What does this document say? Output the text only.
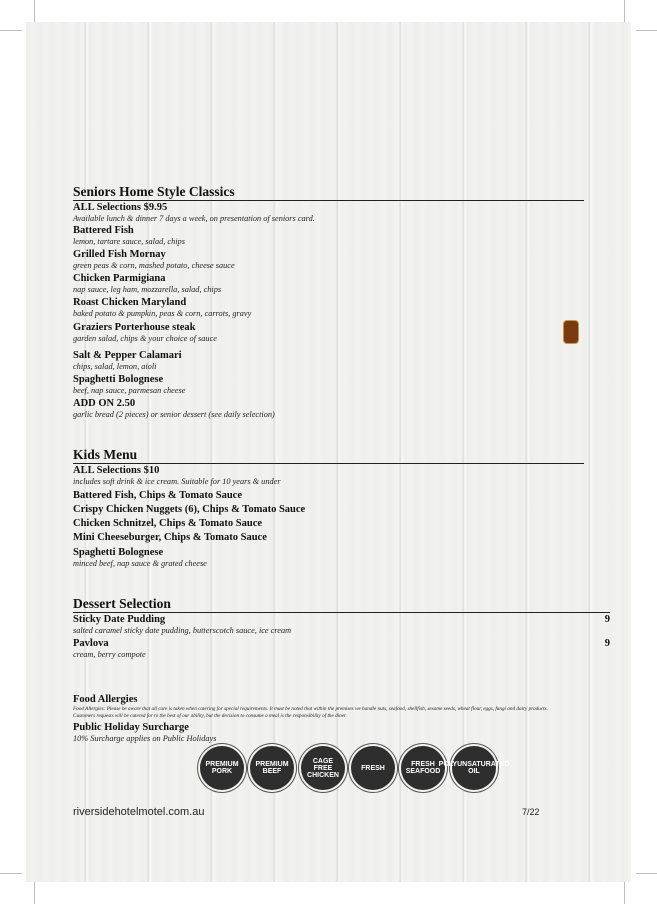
Seniors Home Style Classics
ALL Selections $9.95
Available lunch & dinner 7 days a week, on presentation of seniors card.
Battered Fish
lemon, tartare sauce, salad, chips
Grilled Fish Mornay
green peas & corn, mashed potato, cheese sauce
Chicken Parmigiana
nap sauce, leg ham, mozzarella, salad, chips
Roast Chicken Maryland
baked potato & pumpkin, peas & corn, carrots, gravy
Graziers Porterhouse steak
garden salad, chips & your choice of sauce
Salt & Pepper Calamari
chips, salad, lemon, aioli
Spaghetti Bolognese
beef, nap sauce, parmesan cheese
ADD ON 2.50
garlic bread (2 pieces) or senior dessert (see daily selection)
Kids Menu
ALL Selections $10
includes soft drink & ice cream. Suitable for 10 years & under
Battered Fish, Chips & Tomato Sauce
Crispy Chicken Nuggets (6), Chips & Tomato Sauce
Chicken Schnitzel, Chips & Tomato Sauce
Mini Cheeseburger, Chips & Tomato Sauce
Spaghetti Bolognese
minced beef, nap sauce & grated cheese
Dessert Selection
Sticky Date Pudding
salted caramel sticky date pudding, butterscotch sauce, ice cream
9
Pavlova
cream, berry compote
9
Food Allergies
Food Allergies: Please be aware that all care is taken when catering for special requirements. It must be noted that within the premises we handle nuts, seafood, shellfish, sesame seeds, wheat flour, eggs, fungi and dairy products. Customers requests will be catered for to the best of our ability, but the decision to consume a meal is the responsibility of the diner.
Public Holiday Surcharge
10% Surcharge applies on Public Holidays
PREMIUM PORK
PREMIUM BEEF
CAGE FREE CHICKEN
FRESH	FRESH SEAFOOD
POLYUNSATURATED OIL
riversidehotelmotel.com.au	7/22
